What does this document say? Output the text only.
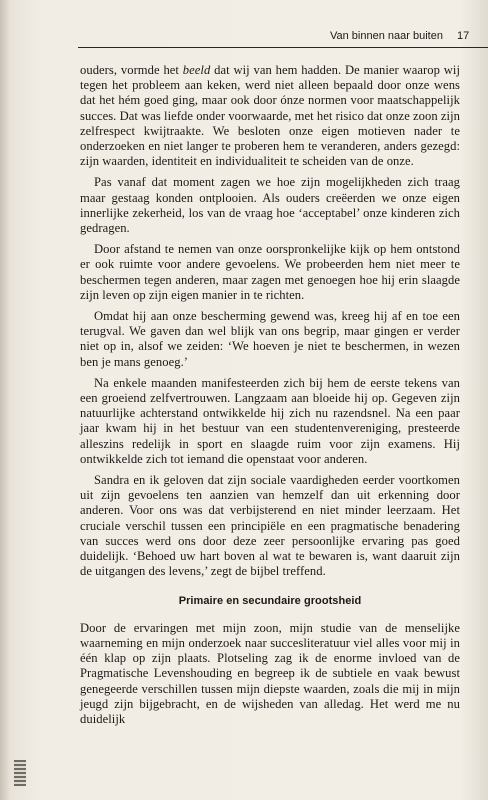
Van binnen naar buiten 17

ouders, vormde het beeld dat wij van hem hadden. De manier waarop wij tegen het probleem aan keken, werd niet alleen bepaald door onze wens dat het hém goed ging, maar ook door ónze normen voor maatschappelijk succes. Dat was liefde onder voorwaarde, met het risico dat onze zoon zijn zelfrespect kwijtraakte. We besloten onze eigen motieven nader te onderzoeken en niet langer te proberen hem te veranderen, anders gezegd: zijn waarden, identiteit en individualiteit te scheiden van de onze.

Pas vanaf dat moment zagen we hoe zijn mogelijkheden zich traag maar gestaag konden ontplooien. Als ouders creëerden we onze eigen innerlijke zekerheid, los van de vraag hoe ‘acceptabel’ onze kinderen zich gedragen.

Door afstand te nemen van onze oorspronkelijke kijk op hem ontstond er ook ruimte voor andere gevoelens. We probeerden hem niet meer te beschermen tegen anderen, maar zagen met genoegen hoe hij erin slaagde zijn leven op zijn eigen manier in te richten.

Omdat hij aan onze bescherming gewend was, kreeg hij af en toe een terugval. We gaven dan wel blijk van ons begrip, maar gingen er verder niet op in, alsof we zeiden: ‘We hoeven je niet te beschermen, in wezen ben je mans genoeg.’

Na enkele maanden manifesteerden zich bij hem de eerste tekens van een groeiend zelfvertrouwen. Langzaam aan bloeide hij op. Gegeven zijn natuurlijke achterstand ontwikkelde hij zich nu razendsnel. Na een paar jaar kwam hij in het bestuur van een studentenvereniging, presteerde alleszins redelijk in sport en slaagde ruim voor zijn examens. Hij ontwikkelde zich tot iemand die openstaat voor anderen.

Sandra en ik geloven dat zijn sociale vaardigheden eerder voortkomen uit zijn gevoelens ten aanzien van hemzelf dan uit erkenning door anderen. Voor ons was dat verbijsterend en niet minder leerzaam. Het cruciale verschil tussen een principiële en een pragmatische benadering van succes werd ons door deze zeer persoonlijke ervaring pas goed duidelijk. ‘Behoed uw hart boven al wat te bewaren is, want daaruit zijn de uitgangen des levens,’ zegt de bijbel treffend.

Primaire en secundaire grootsheid

Door de ervaringen met mijn zoon, mijn studie van de menselijke waarneming en mijn onderzoek naar succesliteratuur viel alles voor mij in één klap op zijn plaats. Plotseling zag ik de enorme invloed van de Pragmatische Levenshouding en begreep ik de subtiele en vaak bewust genegeerde verschillen tussen mijn diepste waarden, zoals die mij in mijn jeugd zijn bijgebracht, en de wijsheden van alledag. Het werd me nu duidelijk
